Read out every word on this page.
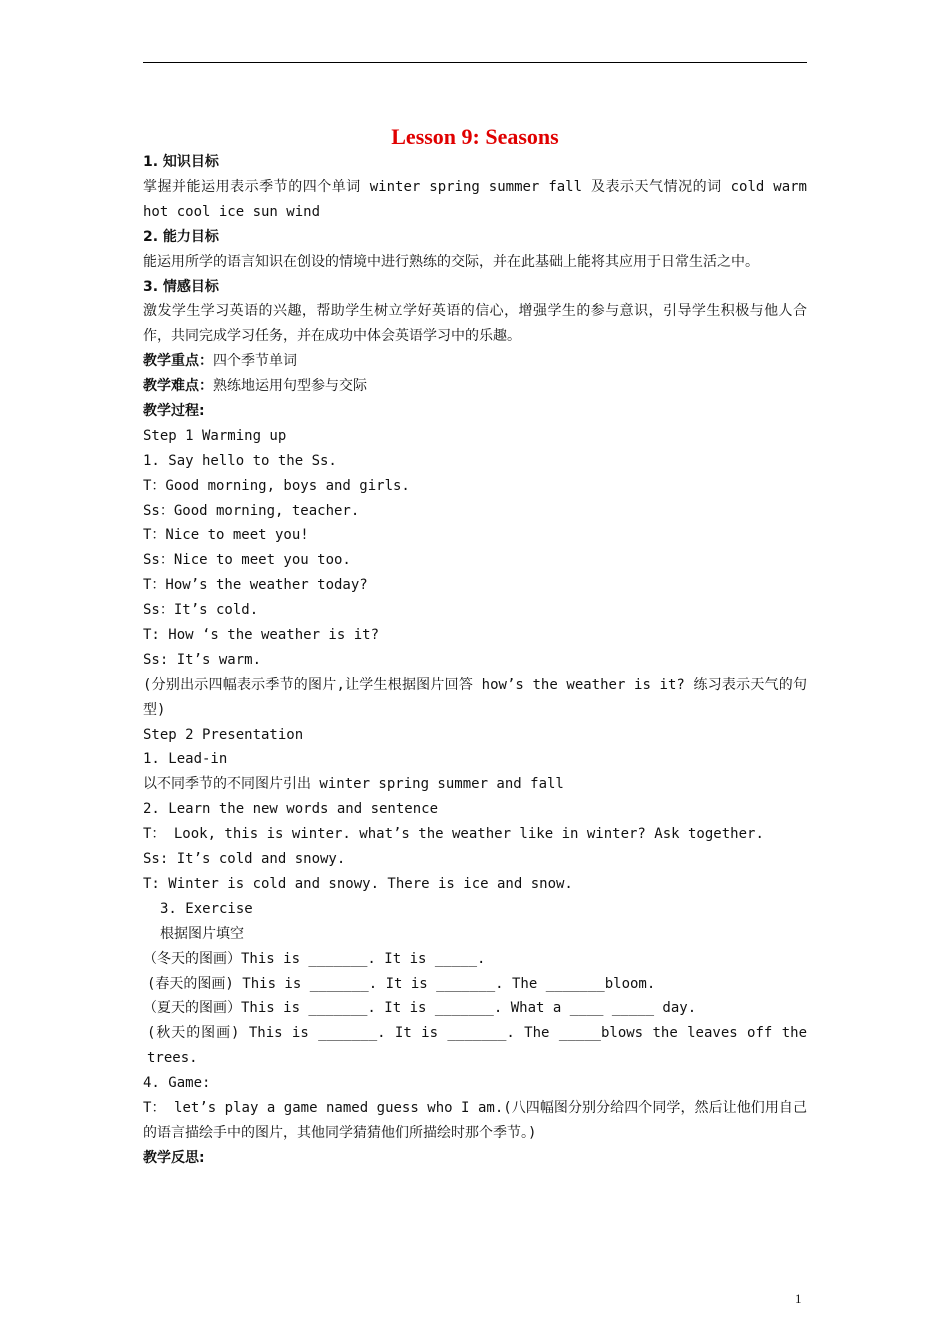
Lesson 9: Seasons
1. 知识目标
掌握并能运用表示季节的四个单词 winter spring summer fall 及表示天气情况的词 cold warm hot cool ice sun wind
2. 能力目标
能运用所学的语言知识在创设的情境中进行熟练的交际，并在此基础上能将其应用于日常生活之中。
3. 情感目标
激发学生学习英语的兴趣，帮助学生树立学好英语的信心，增强学生的参与意识，引导学生积极与他人合作，共同完成学习任务，并在成功中体会英语学习中的乐趣。
教学重点：四个季节单词
教学难点：熟练地运用句型参与交际
教学过程:
Step 1 Warming up
1. Say hello to the Ss.
T：Good morning, boys and girls.
Ss：Good morning, teacher.
T：Nice to meet you!
Ss：Nice to meet you too.
T：How’s the weather today?
Ss：It’s cold.
T: How ‘s the weather is it?
Ss: It’s warm.
(分别出示四幅表示季节的图片,让学生根据图片回答 how’s the weather is it? 练习表示天气的句型)
Step 2 Presentation
1. Lead-in
以不同季节的不同图片引出 winter spring summer and fall
2. Learn the new words and sentence
T： Look, this is winter. what’s the weather like in winter? Ask together.
Ss: It’s cold and snowy.
T: Winter is cold and snowy. There is ice and snow.
3. Exercise
根据图片填空
（冬天的图画）This is _______. It is _____.
(春天的图画) This is _______. It is _______. The _______bloom.
（夏天的图画）This is _______. It is _______. What a ____ _____ day.
(秋天的图画) This is _______. It is _______. The _____blows the leaves off the trees.
4. Game:
T： let’s play a game named guess who I am.(八四幅图分别分给四个同学，然后让他们用自己的语言描绘手中的图片，其他同学猜猜他们所描绘时那个季节。)
教学反思:
1
